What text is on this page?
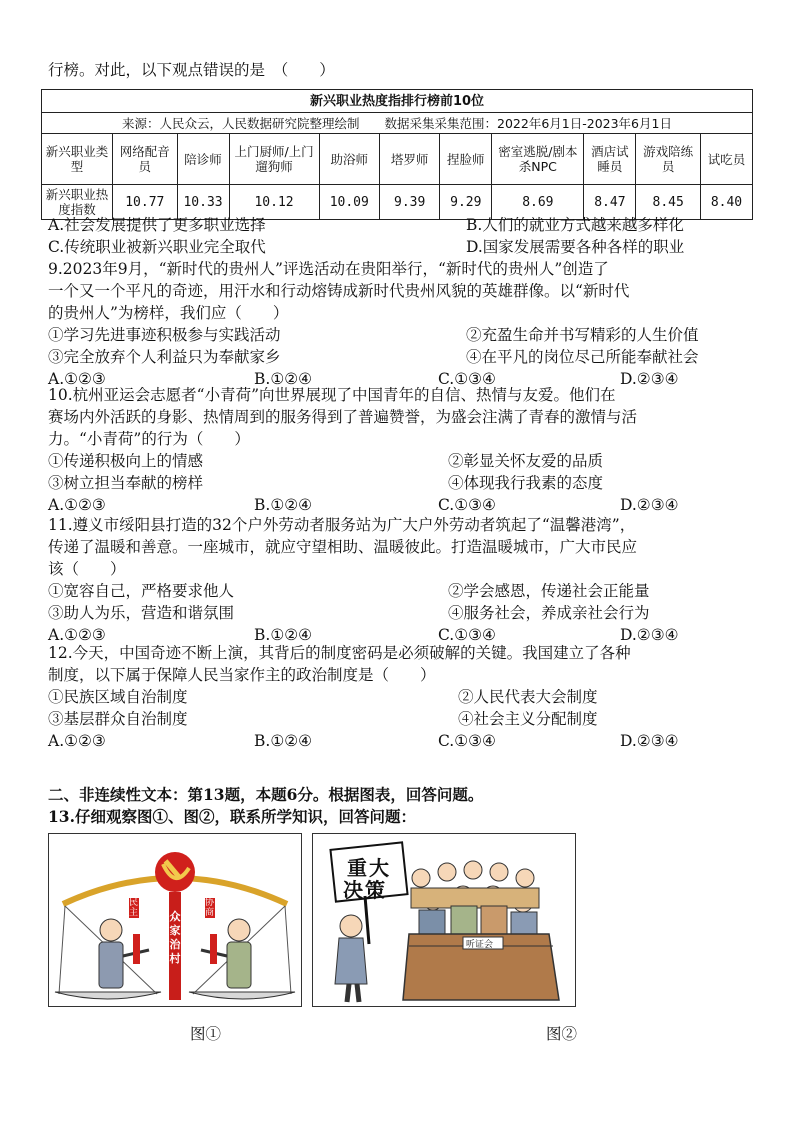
行榜。对此，以下观点错误的是　（　　）
新兴职业热度指排行榜前10位										
来源：人民众云，人民数据研究院整理绘制　　数据采集采集范围：2022年6月1日-2023年6月1日										
新兴职业类型	网络配音员	陪诊师	上门厨师/上门遛狗师	助浴师	塔罗师	捏脸师	密室逃脱/剧本杀NPC	酒店试睡员	游戏陪练员	试吃员
新兴职业热度指数	10.77	10.33	10.12	10.09	9.39	9.29	8.69	8.47	8.45	8.40
A.社会发展提供了更多职业选择	B.人们的就业方式越来越多样化
C.传统职业被新兴职业完全取代	D.国家发展需要各种各样的职业
9.2023年9月，“新时代的贵州人”评选活动在贵阳举行，“新时代的贵州人”创造了
一个又一个平凡的奇迹，用汗水和行动熔铸成新时代贵州风貌的英雄群像。以“新时代
的贵州人”为榜样，我们应（　　）
①学习先进事迹积极参与实践活动	②充盈生命并书写精彩的人生价值
③完全放弃个人利益只为奉献家乡	④在平凡的岗位尽己所能奉献社会
A.①②③	B.①②④	C.①③④	D.②③④
10.杭州亚运会志愿者“小青荷”向世界展现了中国青年的自信、热情与友爱。他们在
赛场内外活跃的身影、热情周到的服务得到了普遍赞誉，为盛会注满了青春的激情与活
力。“小青荷”的行为（　　）
①传递积极向上的情感	②彰显关怀友爱的品质
③树立担当奉献的榜样	④体现我行我素的态度
A.①②③	B.①②④	C.①③④	D.②③④
11.遵义市绥阳县打造的32个户外劳动者服务站为广大户外劳动者筑起了“温馨港湾”，
传递了温暖和善意。一座城市，就应守望相助、温暖彼此。打造温暖城市，广大市民应
该（　　）
①宽容自己，严格要求他人	②学会感恩，传递社会正能量
③助人为乐，营造和谐氛围	④服务社会，养成亲社会行为
A.①②③	B.①②④	C.①③④	D.②③④
12.今天，中国奇迹不断上演，其背后的制度密码是必须破解的关键。我国建立了各种
制度，以下属于保障人民当家作主的政治制度是（　　）
①民族区域自治制度	②人民代表大会制度
③基层群众自治制度	④社会主义分配制度
A.①②③	B.①②④	C.①③④	D.②③④
二、非连续性文本：第13题，本题6分。根据图表，回答问题。
13.仔细观察图①、图②，联系所学知识，回答问题：
众
家
治
村
民主
协商
图①
重大
决策
听证会
图②
